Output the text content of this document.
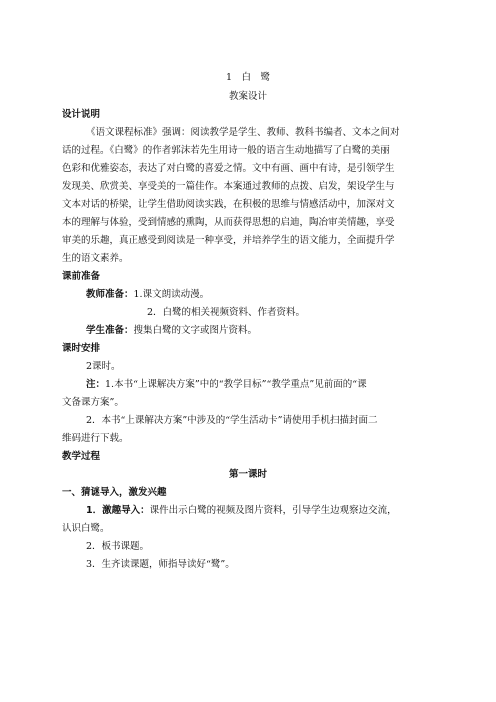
1　白　鹭
教案设计
设计说明
《语文课程标准》强调：阅读教学是学生、教师、教科书编者、文本之间对
话的过程。《白鹭》的作者郭沫若先生用诗一般的语言生动地描写了白鹭的美丽
色彩和优雅姿态，表达了对白鹭的喜爱之情。文中有画、画中有诗，是引领学生
发现美、欣赏美、享受美的一篇佳作。本案通过教师的点拨、启发，架设学生与
文本对话的桥梁，让学生借助阅读实践，在积极的思维与情感活动中，加深对文
本的理解与体验，受到情感的熏陶，从而获得思想的启迪，陶冶审美情趣，享受
审美的乐趣，真正感受到阅读是一种享受，并培养学生的语文能力，全面提升学
生的语文素养。
课前准备
教师准备：1.课文朗读动漫。
2．白鹭的相关视频资料、作者资料。
学生准备：搜集白鹭的文字或图片资料。
课时安排
2课时。
注：1.本书“上课解决方案”中的“教学目标”“教学重点”见前面的“课
文备课方案”。
2．本书“上课解决方案”中涉及的“学生活动卡”请使用手机扫描封面二
维码进行下载。
教学过程
第一课时
一、猜谜导入，激发兴趣
1．激趣导入：课件出示白鹭的视频及图片资料，引导学生边观察边交流，
认识白鹭。
2．板书课题。
3．生齐读课题，师指导读好“鹭”。
